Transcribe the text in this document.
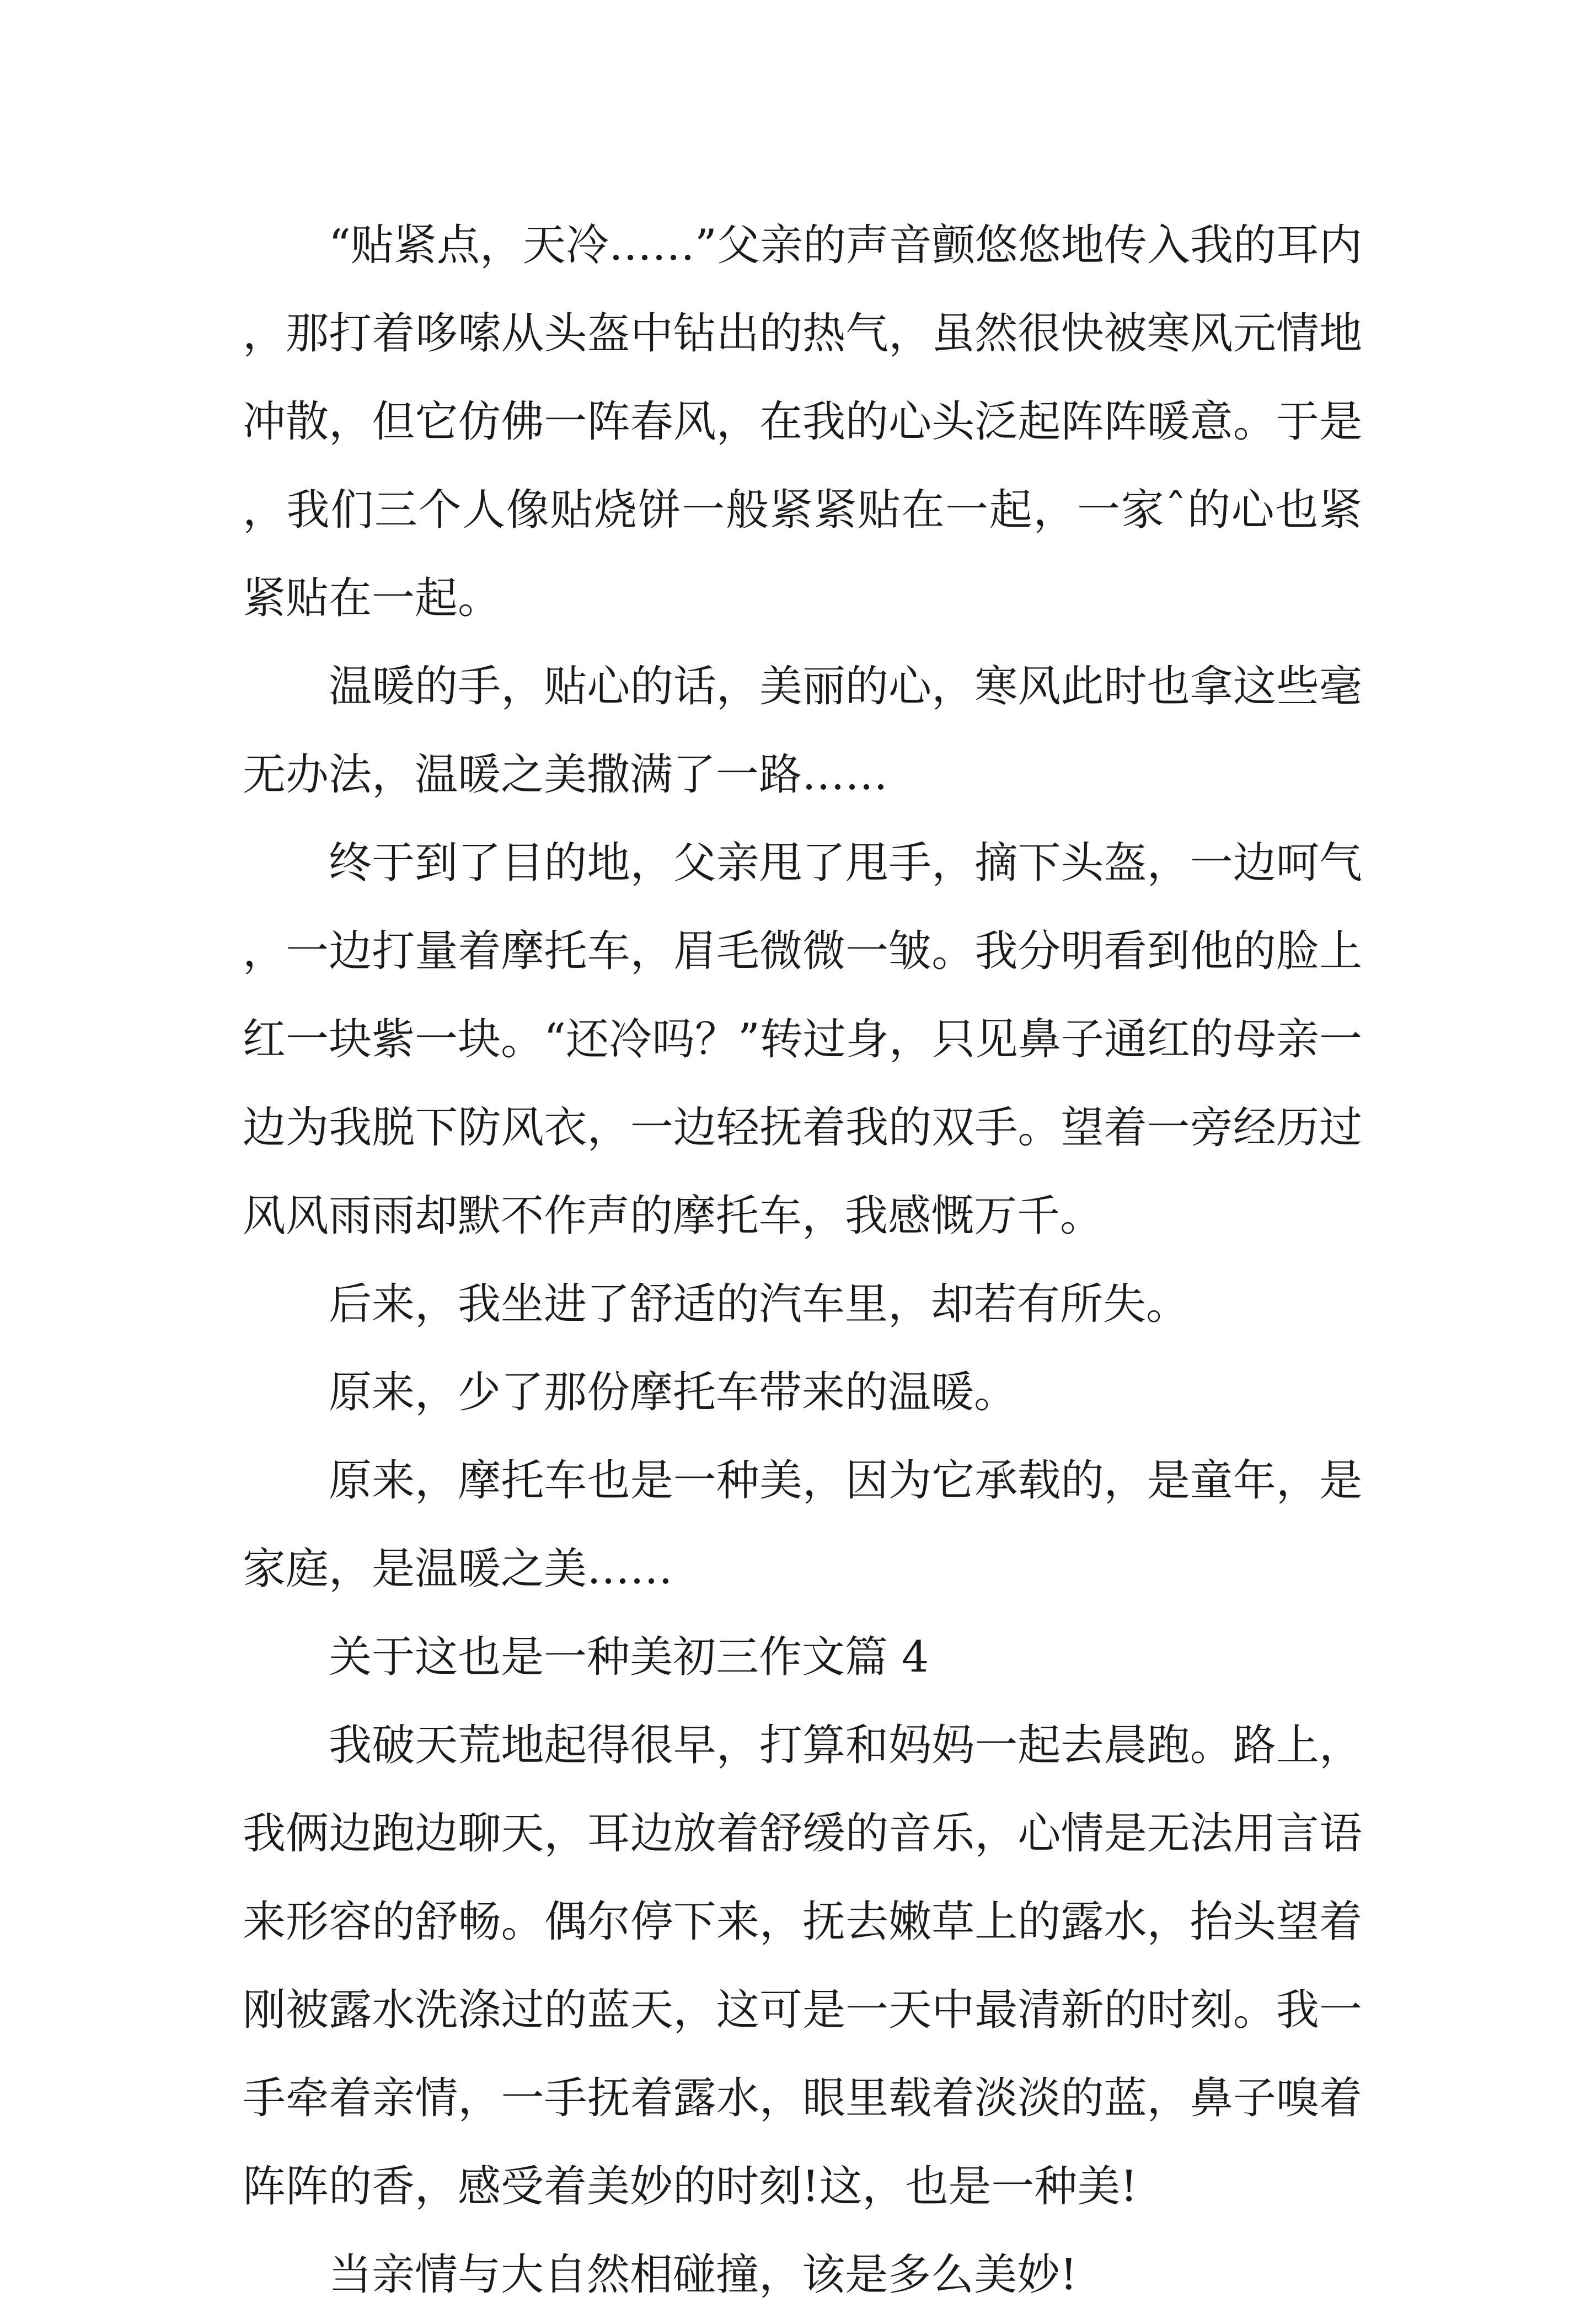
“贴紧点，天冷……”父亲的声音颤悠悠地传入我的耳内，那打着哆嗦从头盔中钻出的热气，虽然很快被寒风元情地冲散，但它仿佛一阵春风，在我的心头泛起阵阵暖意。于是，我们三个人像贴烧饼一般紧紧贴在一起，一家ˆ的心也紧紧贴在一起。

温暖的手，贴心的话，美丽的心，寒风此时也拿这些毫无办法，温暖之美撒满了一路……

终于到了目的地，父亲甩了甩手，摘下头盔，一边呵气，一边打量着摩托车，眉毛微微一皱。我分明看到他的脸上红一块紫一块。“还冷吗？”转过身，只见鼻子通红的母亲一边为我脱下防风衣，一边轻抚着我的双手。望着一旁经历过风风雨雨却默不作声的摩托车，我感慨万千。

后来，我坐进了舒适的汽车里，却若有所失。

原来，少了那份摩托车带来的温暖。

原来，摩托车也是一种美，因为它承载的，是童年，是家庭，是温暖之美……

关于这也是一种美初三作文篇 4

我破天荒地起得很早，打算和妈妈一起去晨跑。路上，我俩边跑边聊天，耳边放着舒缓的音乐，心情是无法用言语来形容的舒畅。偶尔停下来，抚去嫩草上的露水，抬头望着刚被露水洗涤过的蓝天，这可是一天中最清新的时刻。我一手牵着亲情，一手抚着露水，眼里载着淡淡的蓝，鼻子嗅着阵阵的香，感受着美妙的时刻!这，也是一种美!

当亲情与大自然相碰撞，该是多么美妙!
